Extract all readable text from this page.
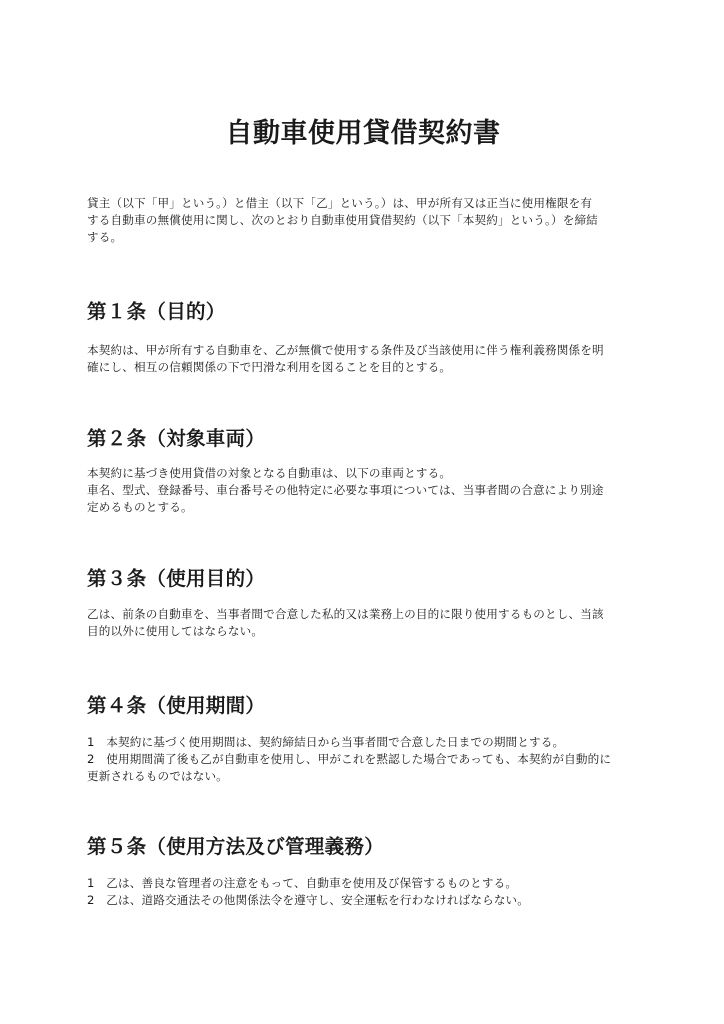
自動車使用貸借契約書
貸主（以下「甲」という。）と借主（以下「乙」という。）は、甲が所有又は正当に使用権限を有
する自動車の無償使用に関し、次のとおり自動車使用貸借契約（以下「本契約」という。）を締結
する。
第１条（目的）
本契約は、甲が所有する自動車を、乙が無償で使用する条件及び当該使用に伴う権利義務関係を明
確にし、相互の信頼関係の下で円滑な利用を図ることを目的とする。
第２条（対象車両）
本契約に基づき使用貸借の対象となる自動車は、以下の車両とする。
車名、型式、登録番号、車台番号その他特定に必要な事項については、当事者間の合意により別途
定めるものとする。
第３条（使用目的）
乙は、前条の自動車を、当事者間で合意した私的又は業務上の目的に限り使用するものとし、当該
目的以外に使用してはならない。
第４条（使用期間）
1　本契約に基づく使用期間は、契約締結日から当事者間で合意した日までの期間とする。
2　使用期間満了後も乙が自動車を使用し、甲がこれを黙認した場合であっても、本契約が自動的に
更新されるものではない。
第５条（使用方法及び管理義務）
1　乙は、善良な管理者の注意をもって、自動車を使用及び保管するものとする。
2　乙は、道路交通法その他関係法令を遵守し、安全運転を行わなければならない。
